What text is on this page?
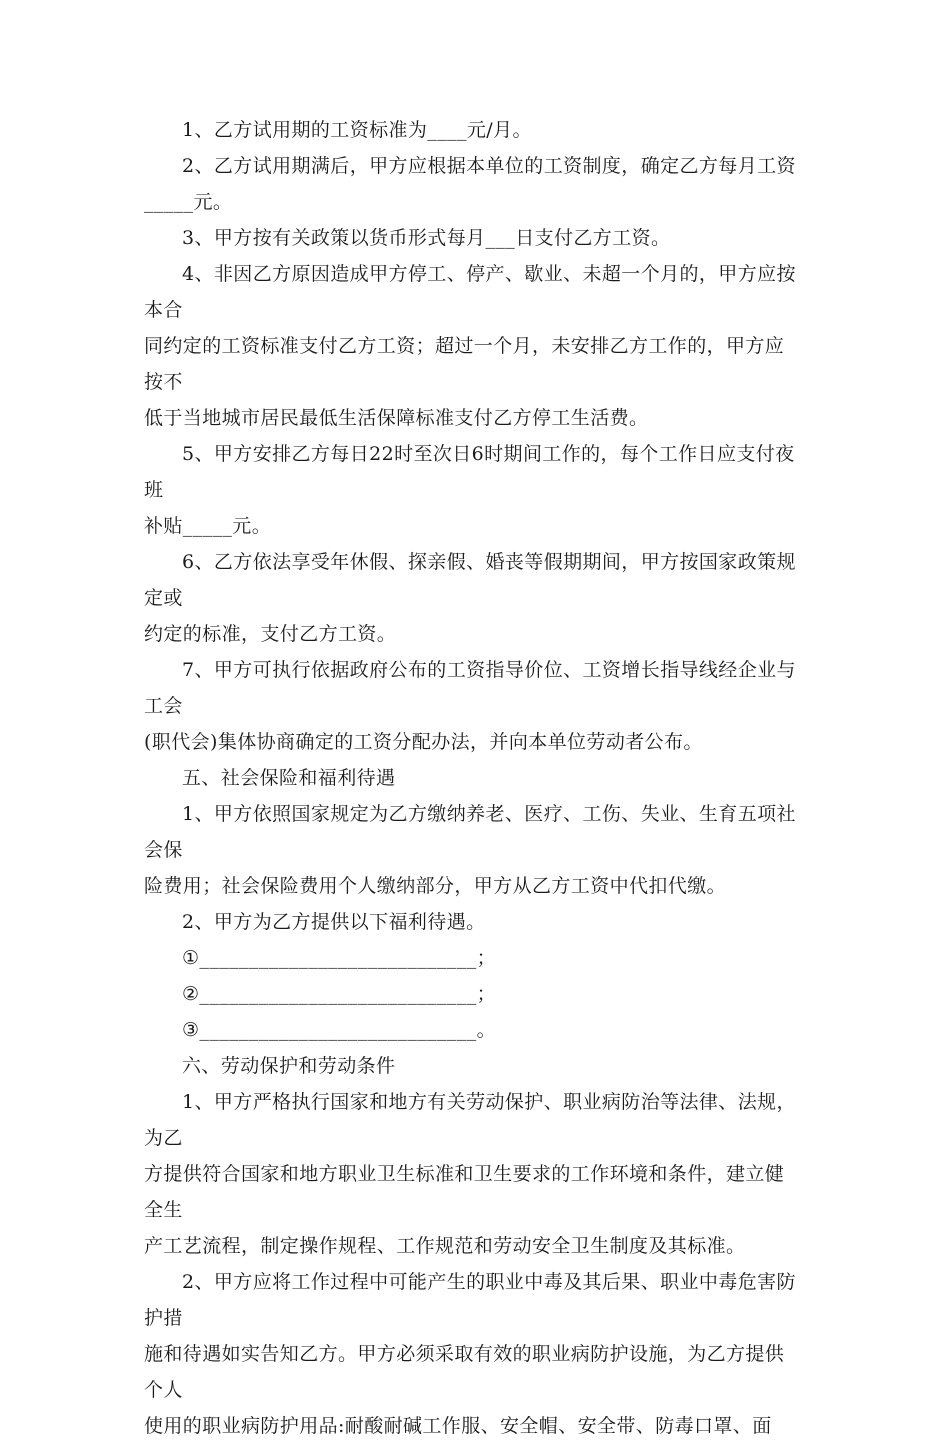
1、乙方试用期的工资标准为____元/月。

2、乙方试用期满后，甲方应根据本单位的工资制度，确定乙方每月工资

_____元。

3、甲方按有关政策以货币形式每月___日支付乙方工资。

4、非因乙方原因造成甲方停工、停产、歇业、未超一个月的，甲方应按本合

同约定的工资标准支付乙方工资；超过一个月，未安排乙方工作的，甲方应按不

低于当地城市居民最低生活保障标准支付乙方停工生活费。

5、甲方安排乙方每日22时至次日6时期间工作的，每个工作日应支付夜班

补贴_____元。

6、乙方依法享受年休假、探亲假、婚丧等假期期间，甲方按国家政策规定或

约定的标准，支付乙方工资。

7、甲方可执行依据政府公布的工资指导价位、工资增长指导线经企业与工会

(职代会)集体协商确定的工资分配办法，并向本单位劳动者公布。

五、社会保险和福利待遇

1、甲方依照国家规定为乙方缴纳养老、医疗、工伤、失业、生育五项社会保

险费用；社会保险费用个人缴纳部分，甲方从乙方工资中代扣代缴。

2、甲方为乙方提供以下福利待遇。

①____________________________；

②____________________________；

③____________________________。

六、劳动保护和劳动条件

1、甲方严格执行国家和地方有关劳动保护、职业病防治等法律、法规，为乙

方提供符合国家和地方职业卫生标准和卫生要求的工作环境和条件，建立健全生

产工艺流程，制定操作规程、工作规范和劳动安全卫生制度及其标准。

2、甲方应将工作过程中可能产生的职业中毒及其后果、职业中毒危害防护措

施和待遇如实告知乙方。甲方必须采取有效的职业病防护设施，为乙方提供个人

使用的职业病防护用品:耐酸耐碱工作服、安全帽、安全带、防毒口罩、面
